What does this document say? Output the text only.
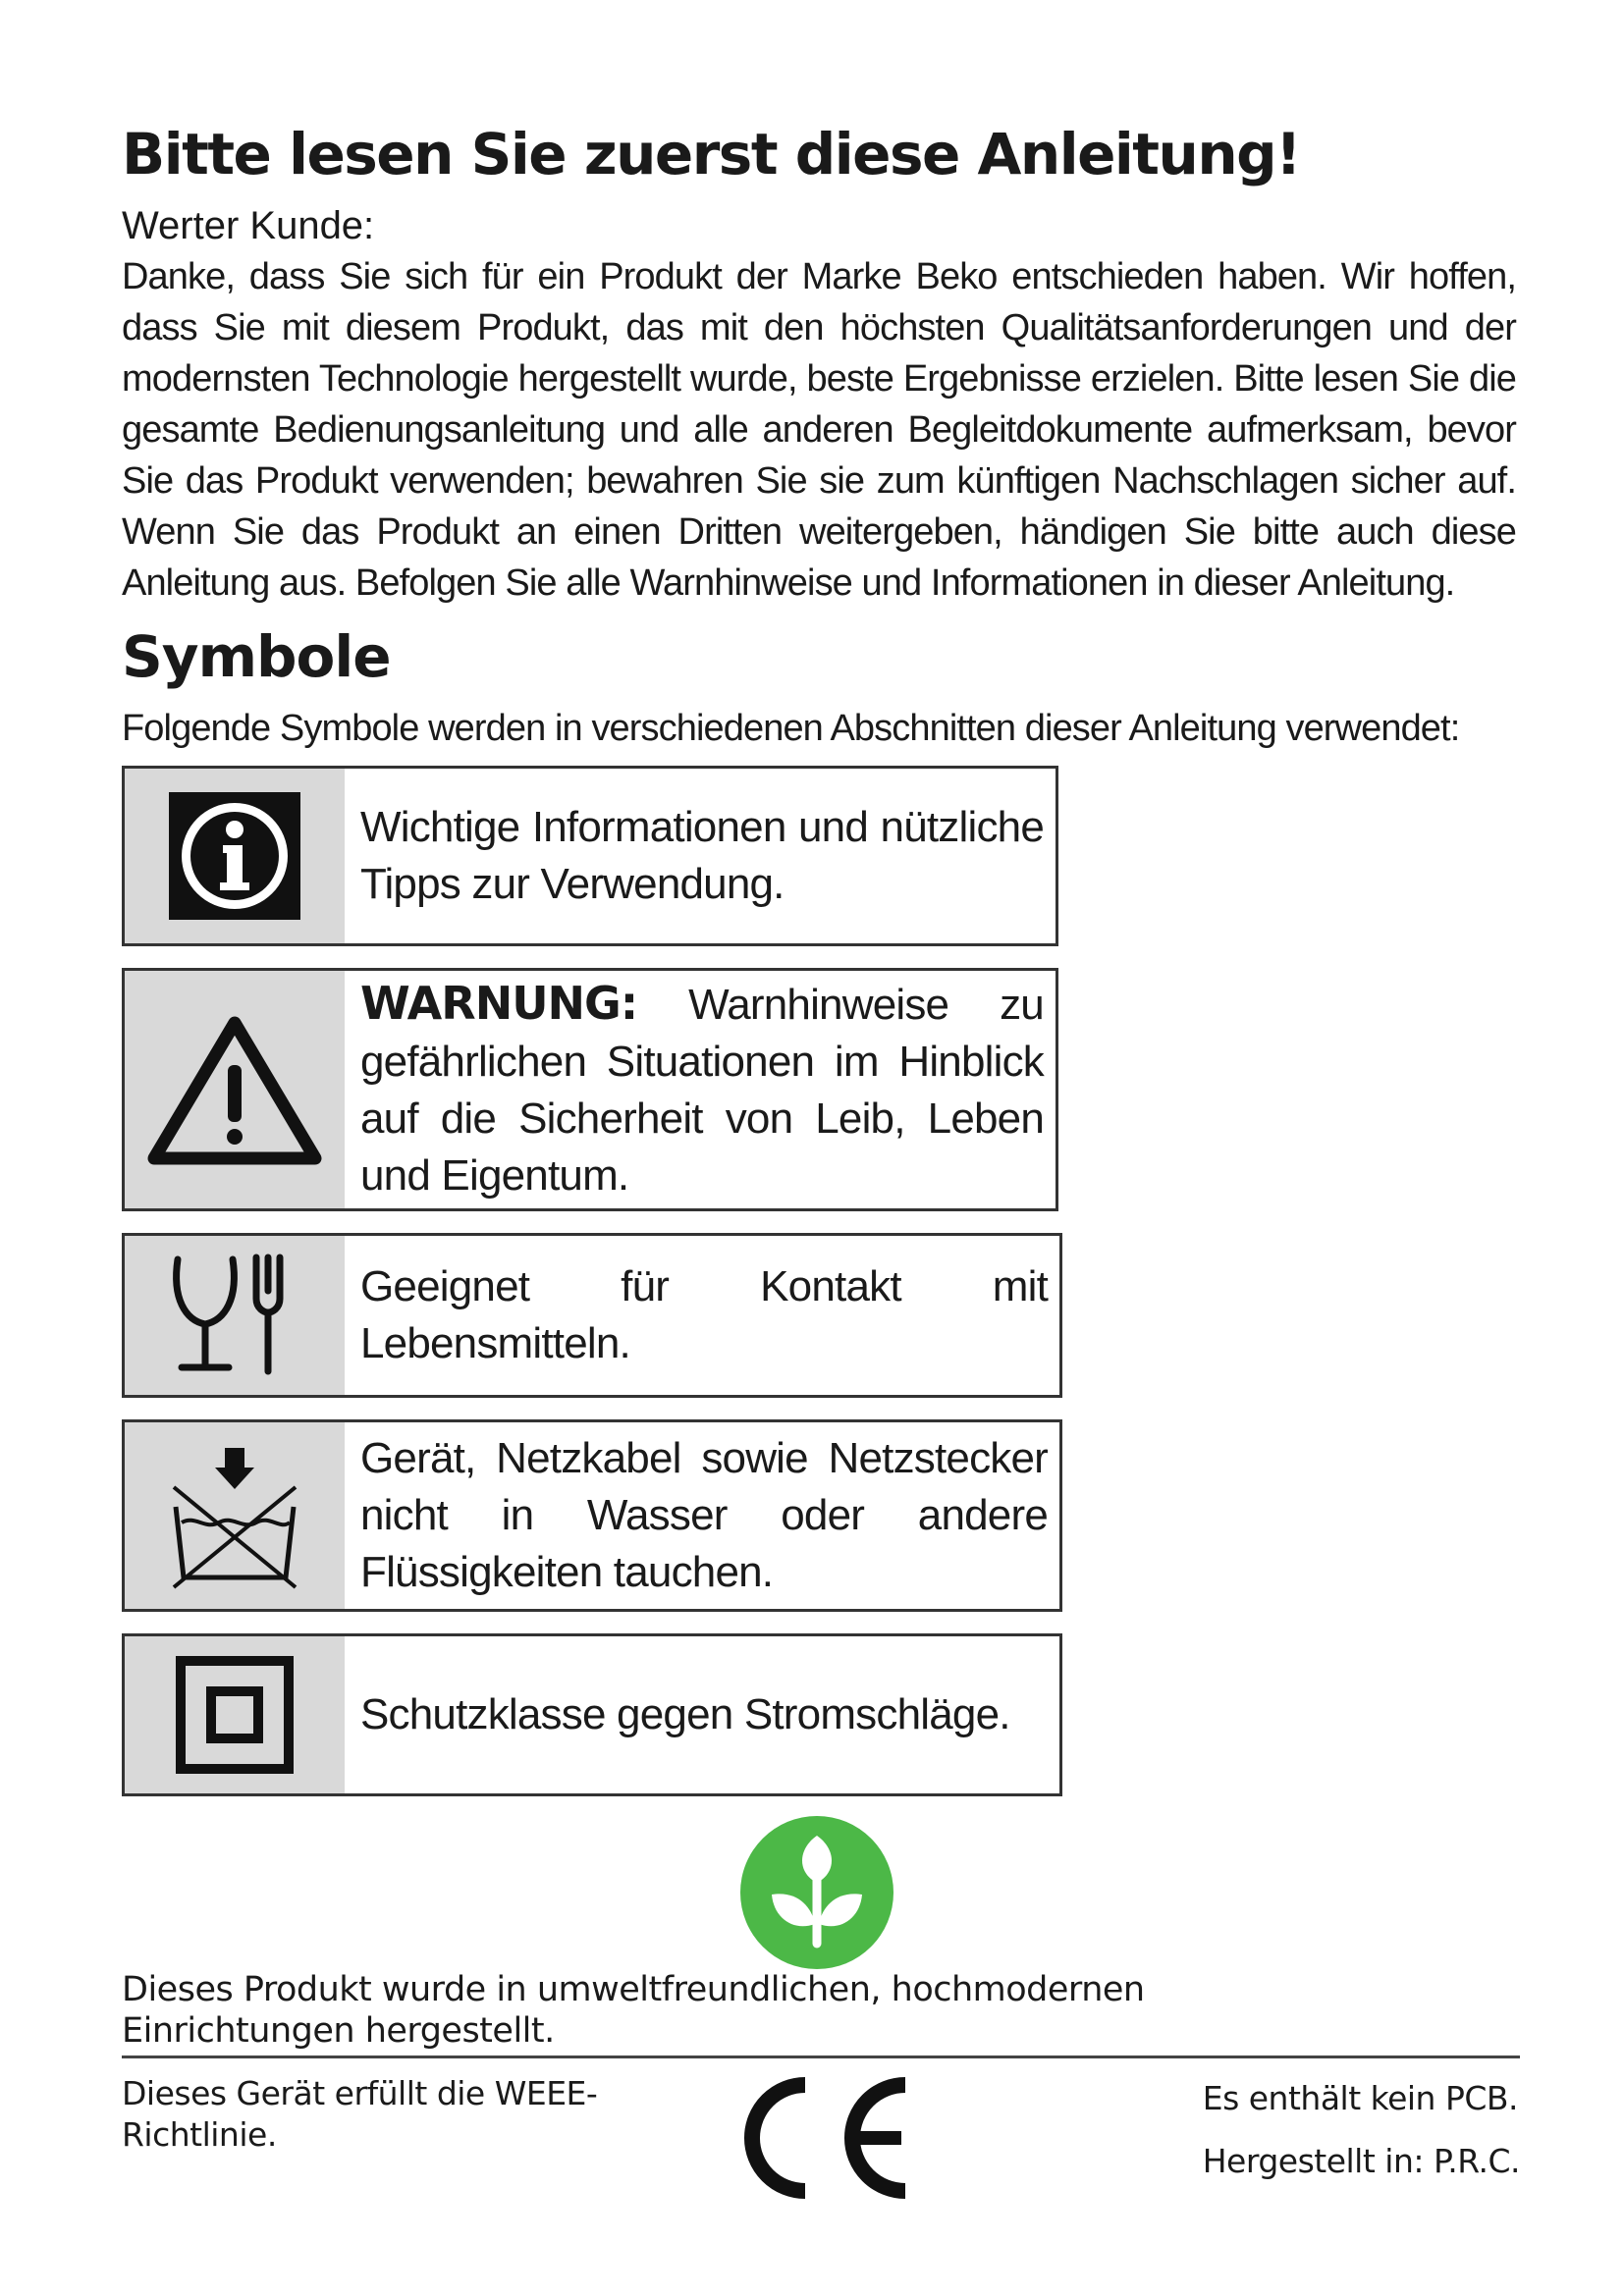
Bitte lesen Sie zuerst diese Anleitung!
Werter Kunde:
Danke, dass Sie sich für ein Produkt der Marke Beko entschieden haben. Wir hoffen, dass Sie mit diesem Produkt, das mit den höchsten Qualitätsanforderungen und der modernsten Technologie hergestellt wurde, beste Ergebnisse erzielen. Bitte lesen Sie die gesamte Bedienungsanleitung und alle anderen Begleitdokumente aufmerksam, bevor Sie das Produkt verwenden; bewahren Sie sie zum künftigen Nachschlagen sicher auf. Wenn Sie das Produkt an einen Dritten weitergeben, händigen Sie bitte auch diese Anleitung aus. Befolgen Sie alle Warnhinweise und Informationen in dieser Anleitung.
Symbole
Folgende Symbole werden in verschiedenen Abschnitten dieser Anleitung verwendet:
Wichtige Informationen und nützliche Tipps zur Verwendung.
WARNUNG: Warnhinweise zu gefährlichen Situationen im Hinblick auf die Sicherheit von Leib, Leben und Eigentum.
Geeignet für Kontakt mit Lebensmitteln.
Gerät, Netzkabel sowie Netzstecker nicht in Wasser oder andere Flüssigkeiten tauchen.
Schutzklasse gegen Stromschläge.
Dieses Produkt wurde in umweltfreundlichen, hochmodernen Einrichtungen hergestellt.
Dieses Gerät erfüllt die WEEE-Richtlinie.
Es enthält kein PCB.
Hergestellt in: P.R.C.
